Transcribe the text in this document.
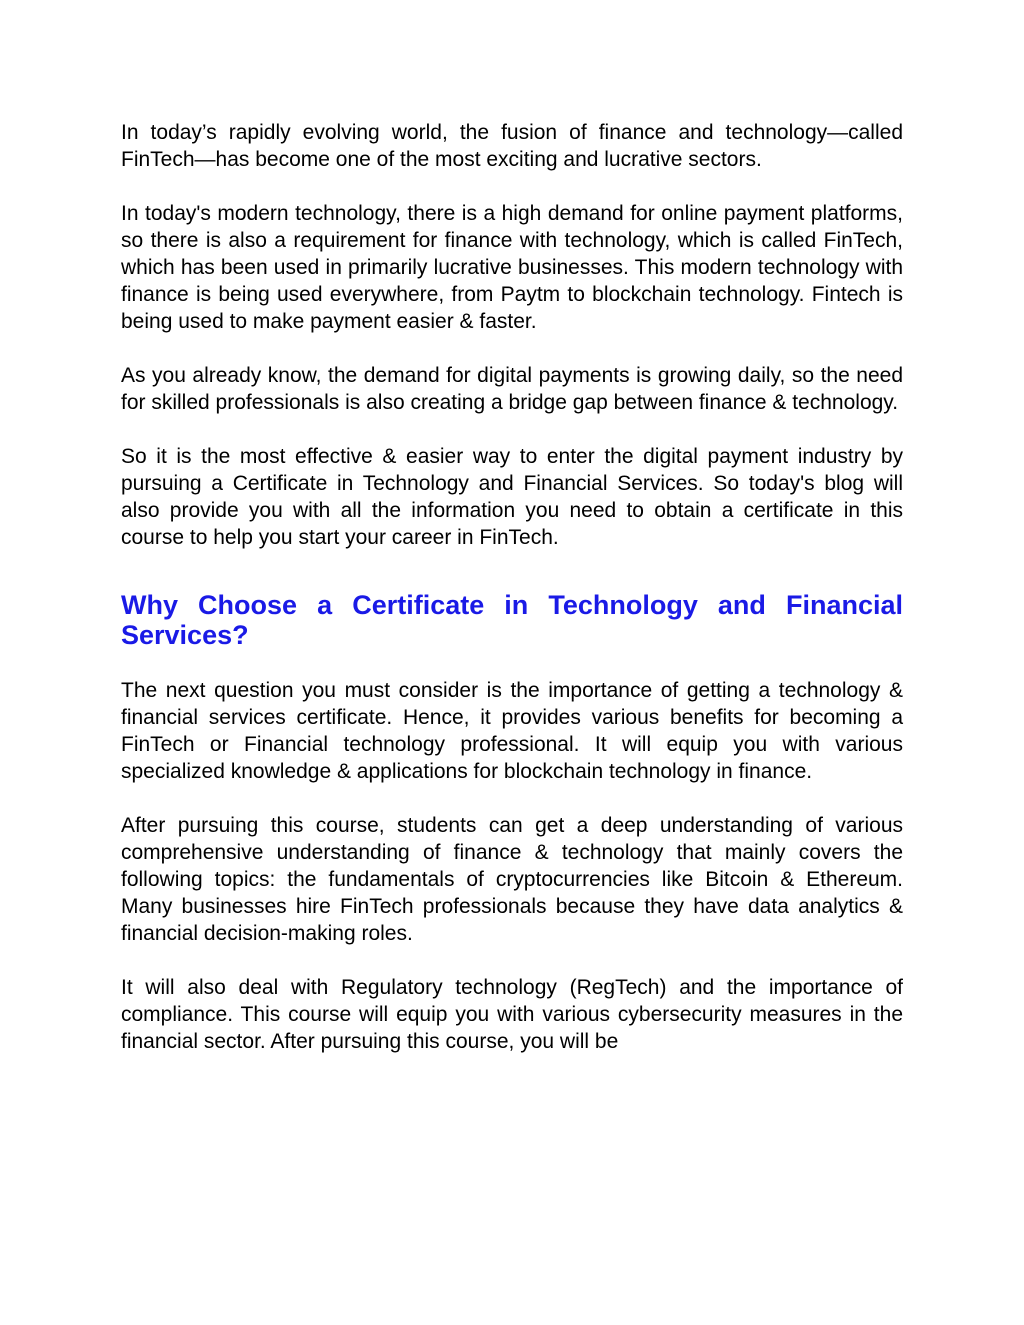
In today’s rapidly evolving world, the fusion of finance and technology—called FinTech—has become one of the most exciting and lucrative sectors.

In today's modern technology, there is a high demand for online payment platforms, so there is also a requirement for finance with technology, which is called FinTech, which has been used in primarily lucrative businesses. This modern technology with finance is being used everywhere, from Paytm to blockchain technology. Fintech is being used to make payment easier & faster.

As you already know, the demand for digital payments is growing daily, so the need for skilled professionals is also creating a bridge gap between finance & technology.

So it is the most effective & easier way to enter the digital payment industry by pursuing a Certificate in Technology and Financial Services. So today's blog will also provide you with all the information you need to obtain a certificate in this course to help you start your career in FinTech.

Why Choose a Certificate in Technology and Financial Services?

The next question you must consider is the importance of getting a technology & financial services certificate. Hence, it provides various benefits for becoming a FinTech or Financial technology professional. It will equip you with various specialized knowledge & applications for blockchain technology in finance.

After pursuing this course, students can get a deep understanding of various comprehensive understanding of finance & technology that mainly covers the following topics: the fundamentals of cryptocurrencies like Bitcoin & Ethereum. Many businesses hire FinTech professionals because they have data analytics & financial decision-making roles.

It will also deal with Regulatory technology (RegTech) and the importance of compliance. This course will equip you with various cybersecurity measures in the financial sector. After pursuing this course, you will be
